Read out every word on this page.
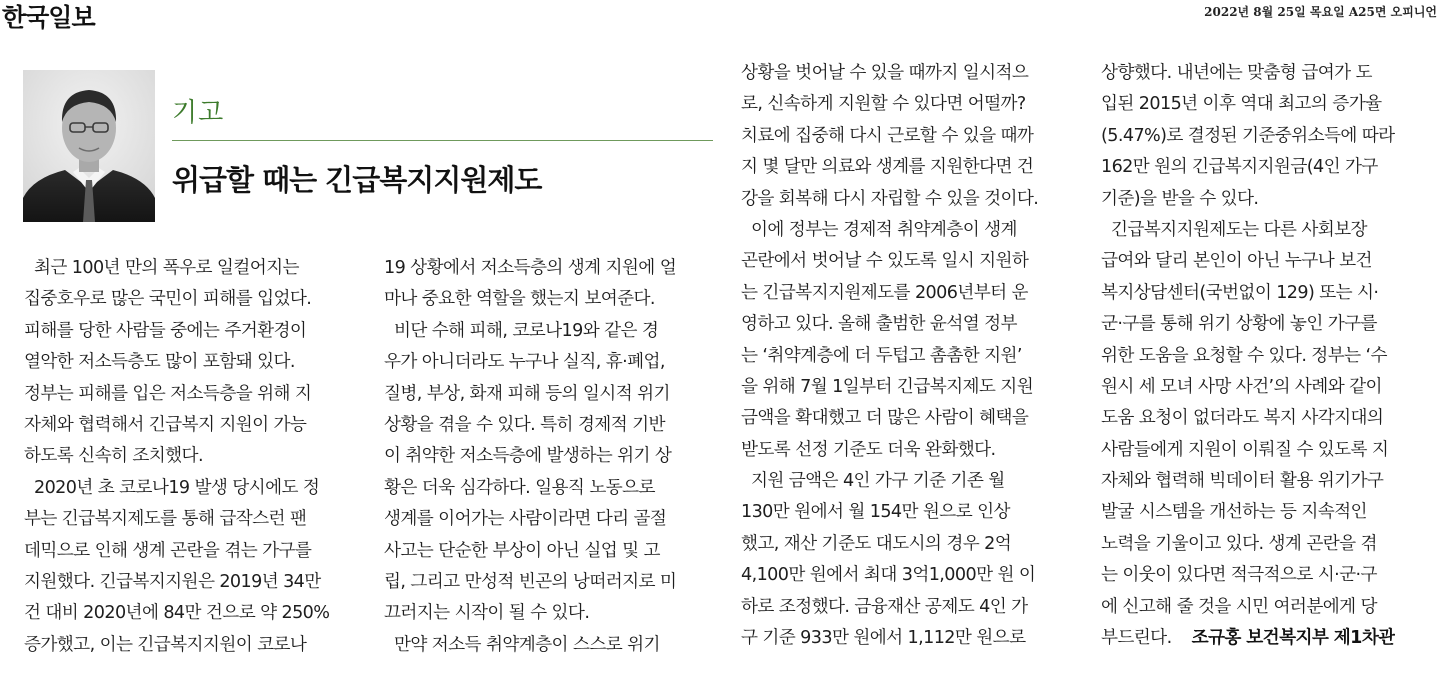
한국일보	2022년 8월 25일 목요일 A25면 오피니언
기고
위급할 때는 긴급복지지원제도
최근 100년 만의 폭우로 일컬어지는
집중호우로 많은 국민이 피해를 입었다.
피해를 당한 사람들 중에는 주거환경이
열악한 저소득층도 많이 포함돼 있다.
정부는 피해를 입은 저소득층을 위해 지
자체와 협력해서 긴급복지 지원이 가능
하도록 신속히 조치했다.
2020년 초 코로나19 발생 당시에도 정
부는 긴급복지제도를 통해 급작스런 팬
데믹으로 인해 생계 곤란을 겪는 가구를
지원했다. 긴급복지지원은 2019년 34만
건 대비 2020년에 84만 건으로 약 250%
증가했고, 이는 긴급복지지원이 코로나
19 상황에서 저소득층의 생계 지원에 얼
마나 중요한 역할을 했는지 보여준다.
비단 수해 피해, 코로나19와 같은 경
우가 아니더라도 누구나 실직, 휴·폐업,
질병, 부상, 화재 피해 등의 일시적 위기
상황을 겪을 수 있다. 특히 경제적 기반
이 취약한 저소득층에 발생하는 위기 상
황은 더욱 심각하다. 일용직 노동으로
생계를 이어가는 사람이라면 다리 골절
사고는 단순한 부상이 아닌 실업 및 고
립, 그리고 만성적 빈곤의 낭떠러지로 미
끄러지는 시작이 될 수 있다.
만약 저소득 취약계층이 스스로 위기
상황을 벗어날 수 있을 때까지 일시적으
로, 신속하게 지원할 수 있다면 어떨까?
치료에 집중해 다시 근로할 수 있을 때까
지 몇 달만 의료와 생계를 지원한다면 건
강을 회복해 다시 자립할 수 있을 것이다.
이에 정부는 경제적 취약계층이 생계
곤란에서 벗어날 수 있도록 일시 지원하
는 긴급복지지원제도를 2006년부터 운
영하고 있다. 올해 출범한 윤석열 정부
는 ‘취약계층에 더 두텁고 촘촘한 지원’
을 위해 7월 1일부터 긴급복지제도 지원
금액을 확대했고 더 많은 사람이 혜택을
받도록 선정 기준도 더욱 완화했다.
지원 금액은 4인 가구 기준 기존 월
130만 원에서 월 154만 원으로 인상
했고, 재산 기준도 대도시의 경우 2억
4,100만 원에서 최대 3억1,000만 원 이
하로 조정했다. 금융재산 공제도 4인 가
구 기준 933만 원에서 1,112만 원으로
상향했다. 내년에는 맞춤형 급여가 도
입된 2015년 이후 역대 최고의 증가율
(5.47%)로 결정된 기준중위소득에 따라
162만 원의 긴급복지지원금(4인 가구
기준)을 받을 수 있다.
긴급복지지원제도는 다른 사회보장
급여와 달리 본인이 아닌 누구나 보건
복지상담센터(국번없이 129) 또는 시·
군·구를 통해 위기 상황에 놓인 가구를
위한 도움을 요청할 수 있다. 정부는 ‘수
원시 세 모녀 사망 사건’의 사례와 같이
도움 요청이 없더라도 복지 사각지대의
사람들에게 지원이 이뤄질 수 있도록 지
자체와 협력해 빅데이터 활용 위기가구
발굴 시스템을 개선하는 등 지속적인
노력을 기울이고 있다. 생계 곤란을 겪
는 이웃이 있다면 적극적으로 시·군·구
에 신고해 줄 것을 시민 여러분에게 당
부드린다. 조규홍 보건복지부 제1차관
